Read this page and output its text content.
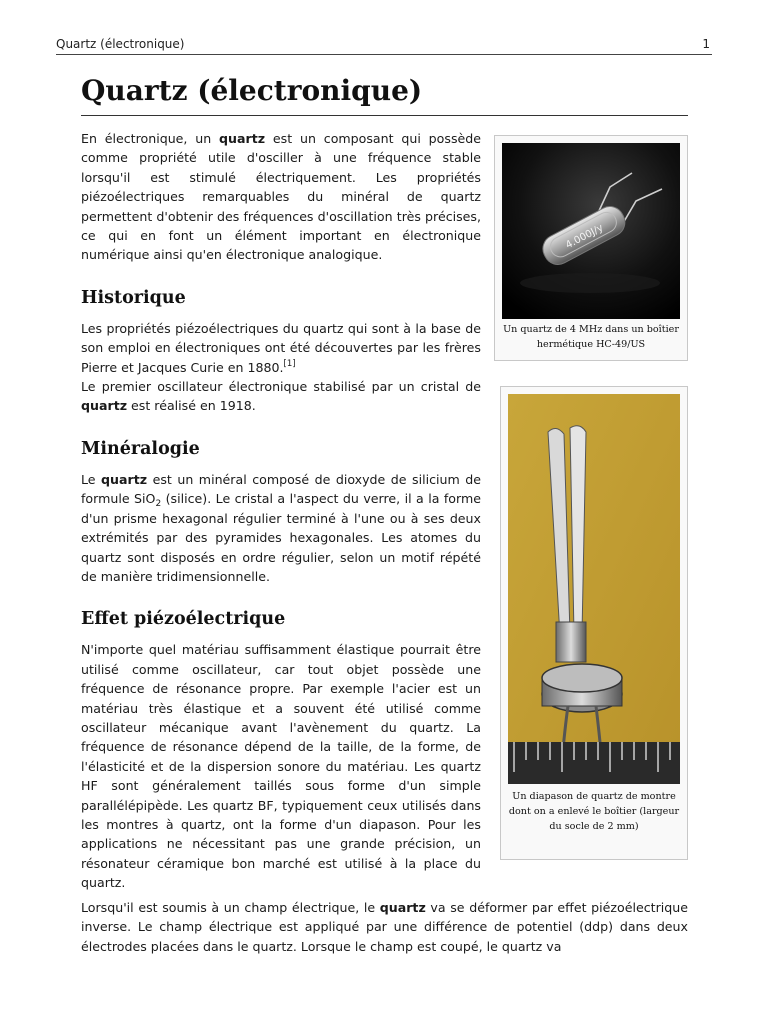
Quartz (électronique)	1
Quartz (électronique)

En électronique, un quartz est un composant qui possède comme propriété utile d'osciller à une fréquence stable lorsqu'il est stimulé électriquement. Les propriétés piézoélectriques remarquables du minéral de quartz permettent d'obtenir des fréquences d'oscillation très précises, ce qui en font un élément important en électronique numérique ainsi qu'en électronique analogique.

Historique

Les propriétés piézoélectriques du quartz qui sont à la base de son emploi en électroniques ont été découvertes par les frères Pierre et Jacques Curie en 1880.[1]
Le premier oscillateur électronique stabilisé par un cristal de quartz est réalisé en 1918.

Minéralogie

Le quartz est un minéral composé de dioxyde de silicium de formule SiO$_2$ (silice). Le cristal a l'aspect du verre, il a la forme d'un prisme hexagonal régulier terminé à l'une ou à ses deux extrémités par des pyramides hexagonales. Les atomes du quartz sont disposés en ordre régulier, selon un motif répété de manière tridimensionnelle.

Effet piézoélectrique

N'importe quel matériau suffisamment élastique pourrait être utilisé comme oscillateur, car tout objet possède une fréquence de résonance propre. Par exemple l'acier est un matériau très élastique et a souvent été utilisé comme oscillateur mécanique avant l'avènement du quartz. La fréquence de résonance dépend de la taille, de la forme, de l'élasticité et de la dispersion sonore du matériau. Les quartz HF sont généralement taillés sous forme d'un simple parallélépipède. Les quartz BF, typiquement ceux utilisés dans les montres à quartz, ont la forme d'un diapason. Pour les applications ne nécessitant pas une grande précision, un résonateur céramique bon marché est utilisé à la place du quartz.

Lorsqu'il est soumis à un champ électrique, le quartz va se déformer par effet piézoélectrique inverse. Le champ électrique est appliqué par une différence de potentiel (ddp) dans deux électrodes placées dans le quartz. Lorsque le champ est coupé, le quartz va

4.000J/y
Un quartz de 4 MHz dans un boîtier hermétique HC-49/US
Un diapason de quartz de montre dont on a enlevé le boîtier (largeur du socle de 2 mm)
